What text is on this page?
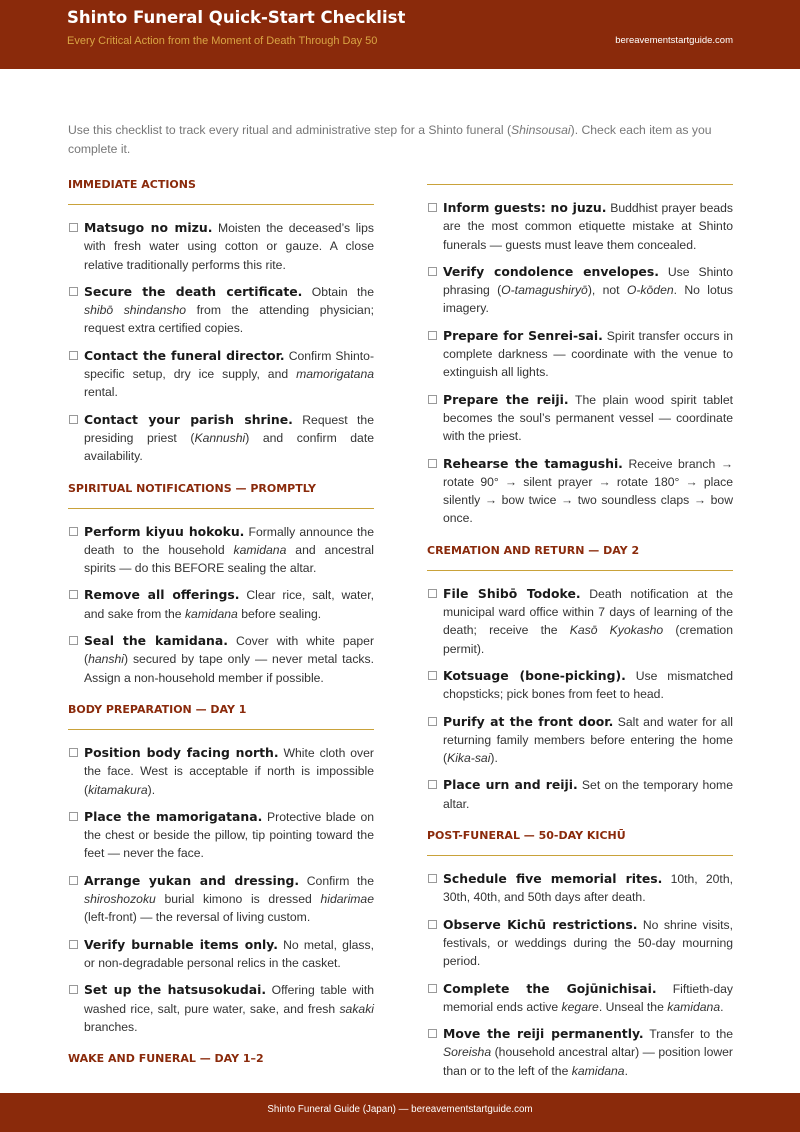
Shinto Funeral Quick-Start Checklist
Every Critical Action from the Moment of Death Through Day 50	bereavementstartguide.com
Use this checklist to track every ritual and administrative step for a Shinto funeral (Shinsousai). Check each item as you complete it.
IMMEDIATE ACTIONS
Matsugo no mizu. Moisten the deceased’s lips with fresh water using cotton or gauze. A close relative traditionally performs this rite.
Secure the death certificate. Obtain the shibō shindansho from the attending physician; request extra certified copies.
Contact the funeral director. Confirm Shinto-specific setup, dry ice supply, and mamorigatana rental.
Contact your parish shrine. Request the presiding priest (Kannushi) and confirm date availability.
SPIRITUAL NOTIFICATIONS — PROMPTLY
Perform kiyuu hokoku. Formally announce the death to the household kamidana and ancestral spirits — do this BEFORE sealing the altar.
Remove all offerings. Clear rice, salt, water, and sake from the kamidana before sealing.
Seal the kamidana. Cover with white paper (hanshi) secured by tape only — never metal tacks. Assign a non-household member if possible.
BODY PREPARATION — DAY 1
Position body facing north. White cloth over the face. West is acceptable if north is impossible (kitamakura).
Place the mamorigatana. Protective blade on the chest or beside the pillow, tip pointing toward the feet — never the face.
Arrange yukan and dressing. Confirm the shiroshozoku burial kimono is dressed hidarimae (left-front) — the reversal of living custom.
Verify burnable items only. No metal, glass, or non-degradable personal relics in the casket.
Set up the hatsusokudai. Offering table with washed rice, salt, pure water, sake, and fresh sakaki branches.
WAKE AND FUNERAL — DAY 1–2
Inform guests: no juzu. Buddhist prayer beads are the most common etiquette mistake at Shinto funerals — guests must leave them concealed.
Verify condolence envelopes. Use Shinto phrasing (O-tamagushiryō), not O-kōden. No lotus imagery.
Prepare for Senrei-sai. Spirit transfer occurs in complete darkness — coordinate with the venue to extinguish all lights.
Prepare the reiji. The plain wood spirit tablet becomes the soul’s permanent vessel — coordinate with the priest.
Rehearse the tamagushi. Receive branch → rotate 90° → silent prayer → rotate 180° → place silently → bow twice → two soundless claps → bow once.
CREMATION AND RETURN — DAY 2
File Shibō Todoke. Death notification at the municipal ward office within 7 days of learning of the death; receive the Kasō Kyokasho (cremation permit).
Kotsuage (bone-picking). Use mismatched chopsticks; pick bones from feet to head.
Purify at the front door. Salt and water for all returning family members before entering the home (Kika-sai).
Place urn and reiji. Set on the temporary home altar.
POST-FUNERAL — 50-DAY KICHŪ
Schedule five memorial rites. 10th, 20th, 30th, 40th, and 50th days after death.
Observe Kichū restrictions. No shrine visits, festivals, or weddings during the 50-day mourning period.
Complete the Gojūnichisai. Fiftieth-day memorial ends active kegare. Unseal the kamidana.
Move the reiji permanently. Transfer to the Soreisha (household ancestral altar) — position lower than or to the left of the kamidana.
Shinto Funeral Guide (Japan) — bereavementstartguide.com
